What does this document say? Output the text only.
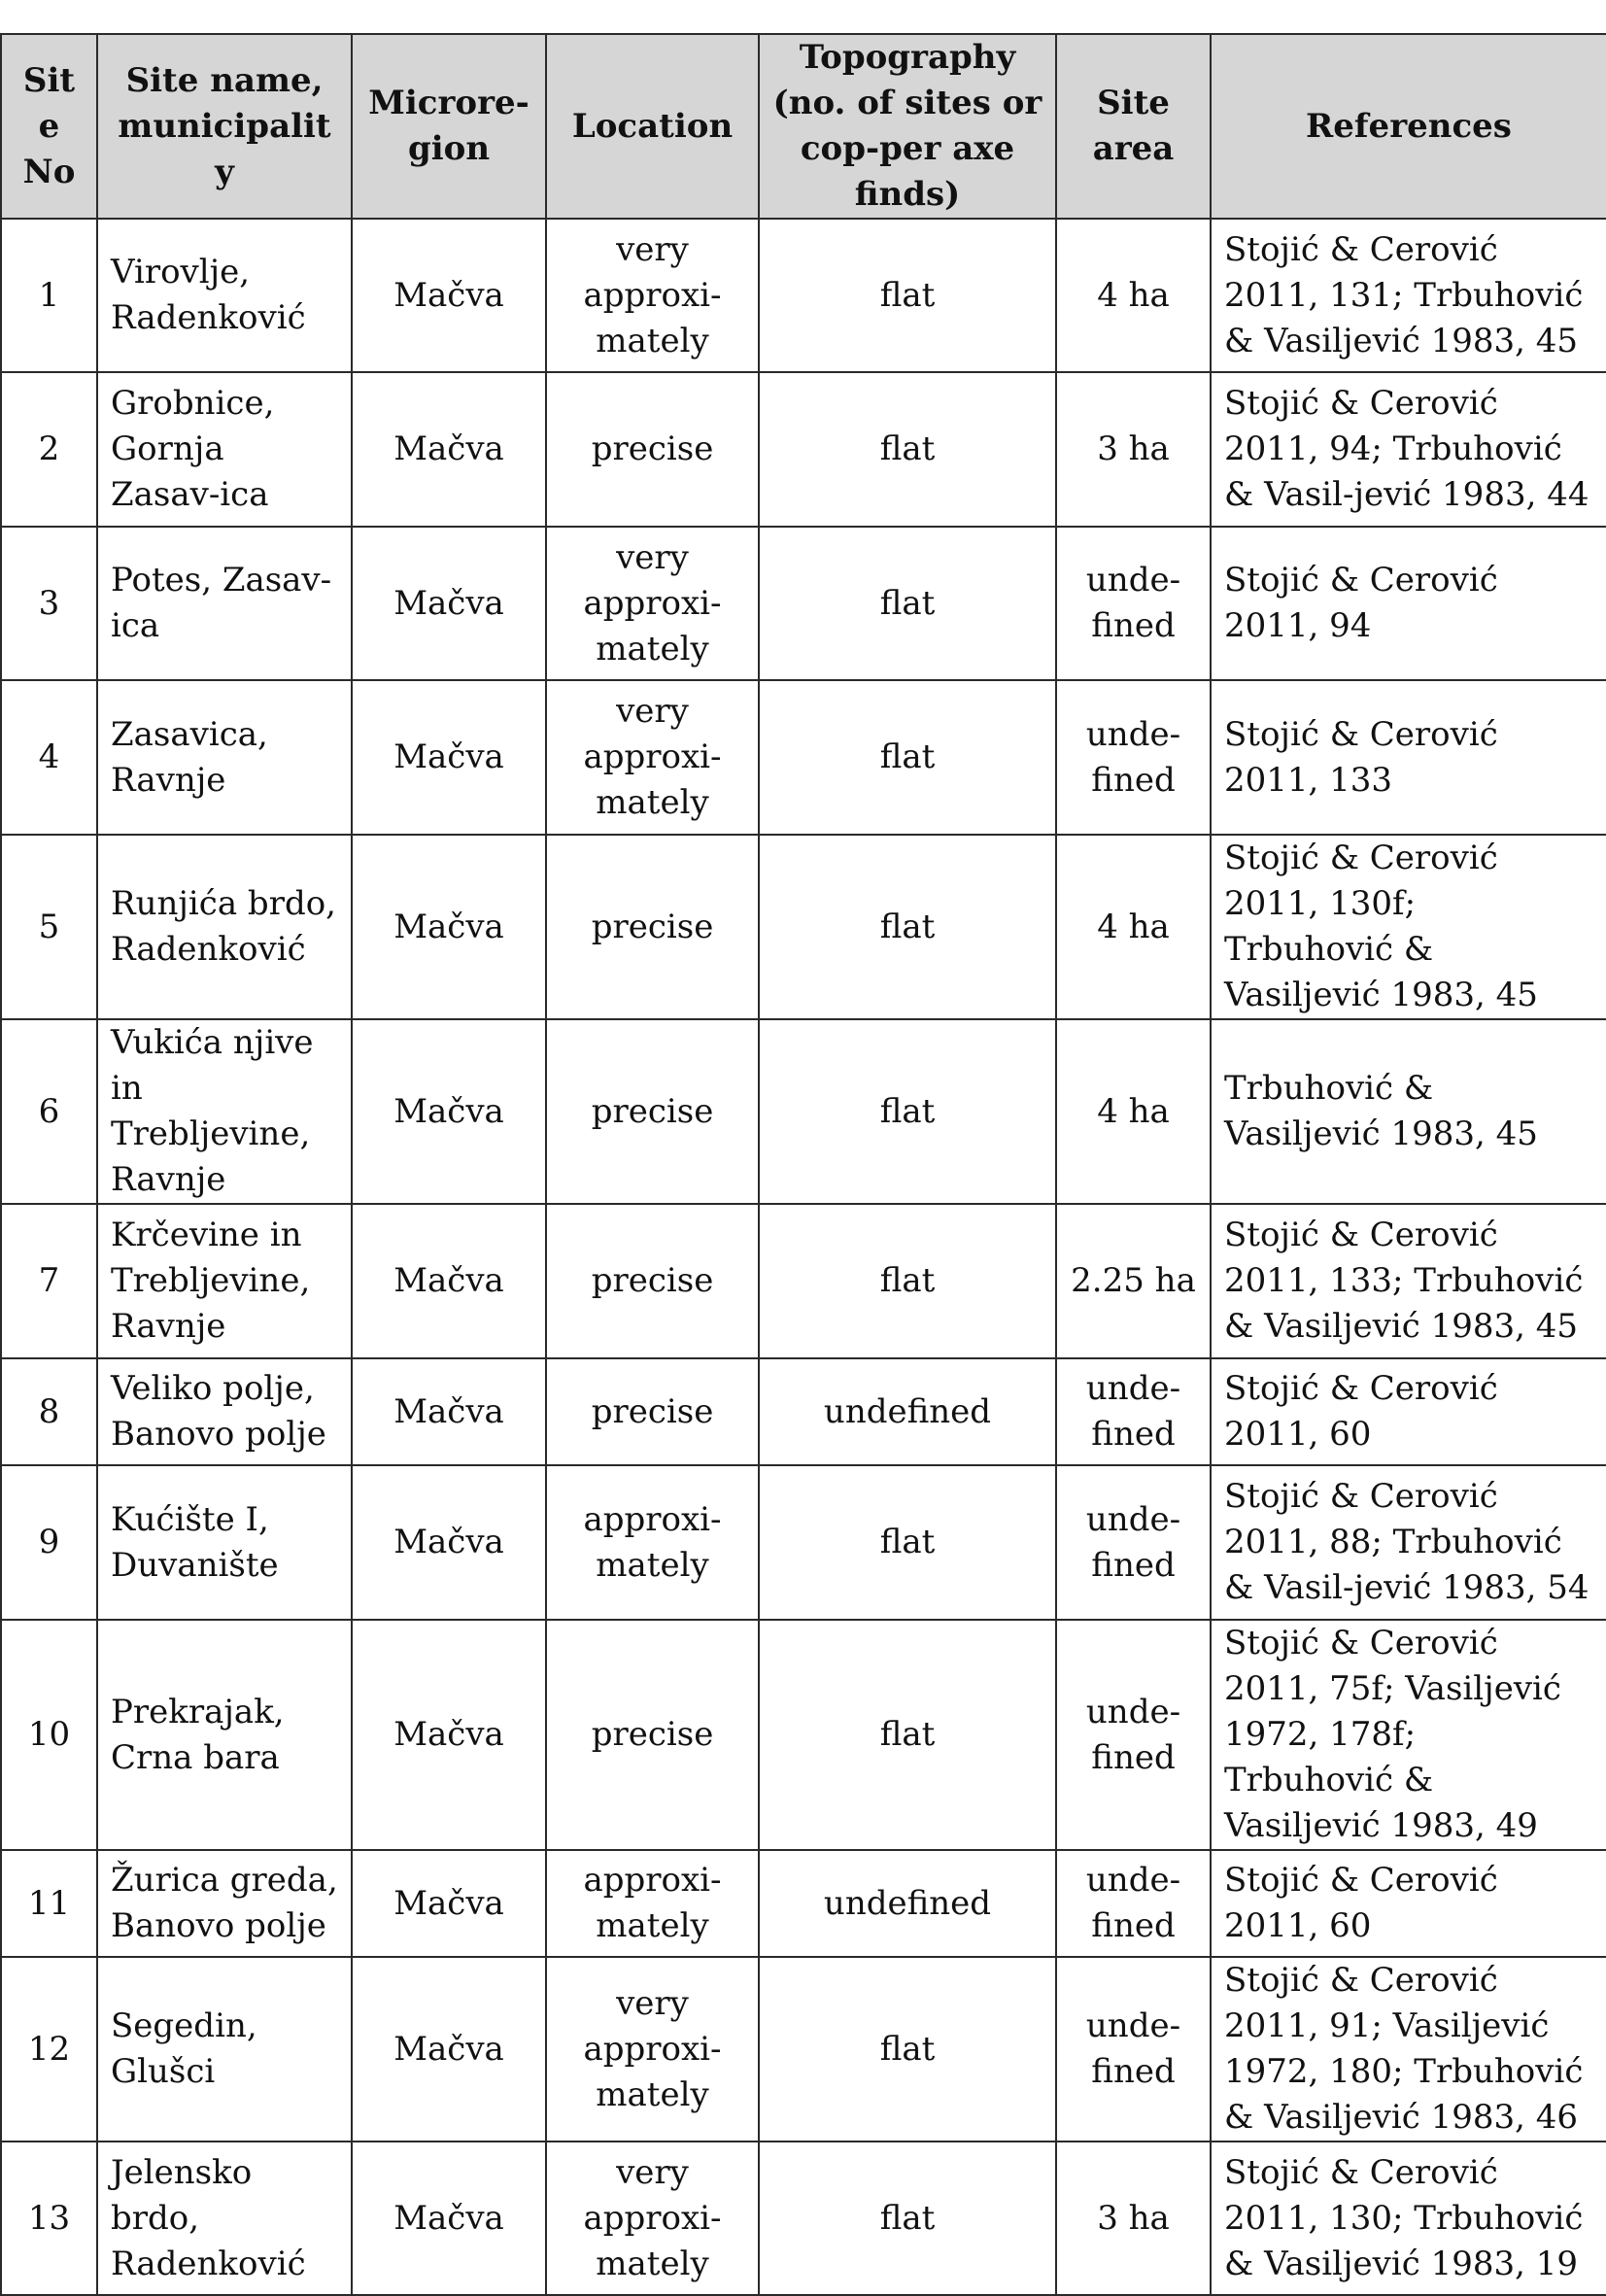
Site No	Site name, municipality	Microre-gion	Location	Topography (no. of sites or cop-per axe finds)	Site area	References
1	Virovlje, Radenković	Mačva	very approxi-mately	flat	4 ha	Stojić & Cerović 2011, 131; Trbuhović & Vasiljević 1983, 45
2	Grobnice, Gornja Zasav-ica	Mačva	precise	flat	3 ha	Stojić & Cerović 2011, 94; Trbuhović & Vasil-jević 1983, 44
3	Potes, Zasav-ica	Mačva	very approxi-mately	flat	unde-fined	Stojić & Cerović 2011, 94
4	Zasavica, Ravnje	Mačva	very approxi-mately	flat	unde-fined	Stojić & Cerović 2011, 133
5	Runjića brdo, Radenković	Mačva	precise	flat	4 ha	Stojić & Cerović 2011, 130f; Trbuhović & Vasiljević 1983, 45
6	Vukića njive in Trebljevine, Ravnje	Mačva	precise	flat	4 ha	Trbuhović & Vasiljević 1983, 45
7	Krčevine in Trebljevine, Ravnje	Mačva	precise	flat	2.25 ha	Stojić & Cerović 2011, 133; Trbuhović & Vasiljević 1983, 45
8	Veliko polje, Banovo polje	Mačva	precise	undefined	unde-fined	Stojić & Cerović 2011, 60
9	Kućište I, Duvanište	Mačva	approxi-mately	flat	unde-fined	Stojić & Cerović 2011, 88; Trbuhović & Vasil-jević 1983, 54
10	Prekrajak, Crna bara	Mačva	precise	flat	unde-fined	Stojić & Cerović 2011, 75f; Vasiljević 1972, 178f; Trbuhović & Vasiljević 1983, 49
11	Žurica greda, Banovo polje	Mačva	approxi-mately	undefined	unde-fined	Stojić & Cerović 2011, 60
12	Segedin, Glušci	Mačva	very approxi-mately	flat	unde-fined	Stojić & Cerović 2011, 91; Vasiljević 1972, 180; Trbuhović & Vasiljević 1983, 46
13	Jelensko brdo, Radenković	Mačva	very approxi-mately	flat	3 ha	Stojić & Cerović 2011, 130; Trbuhović & Vasiljević 1983, 19
